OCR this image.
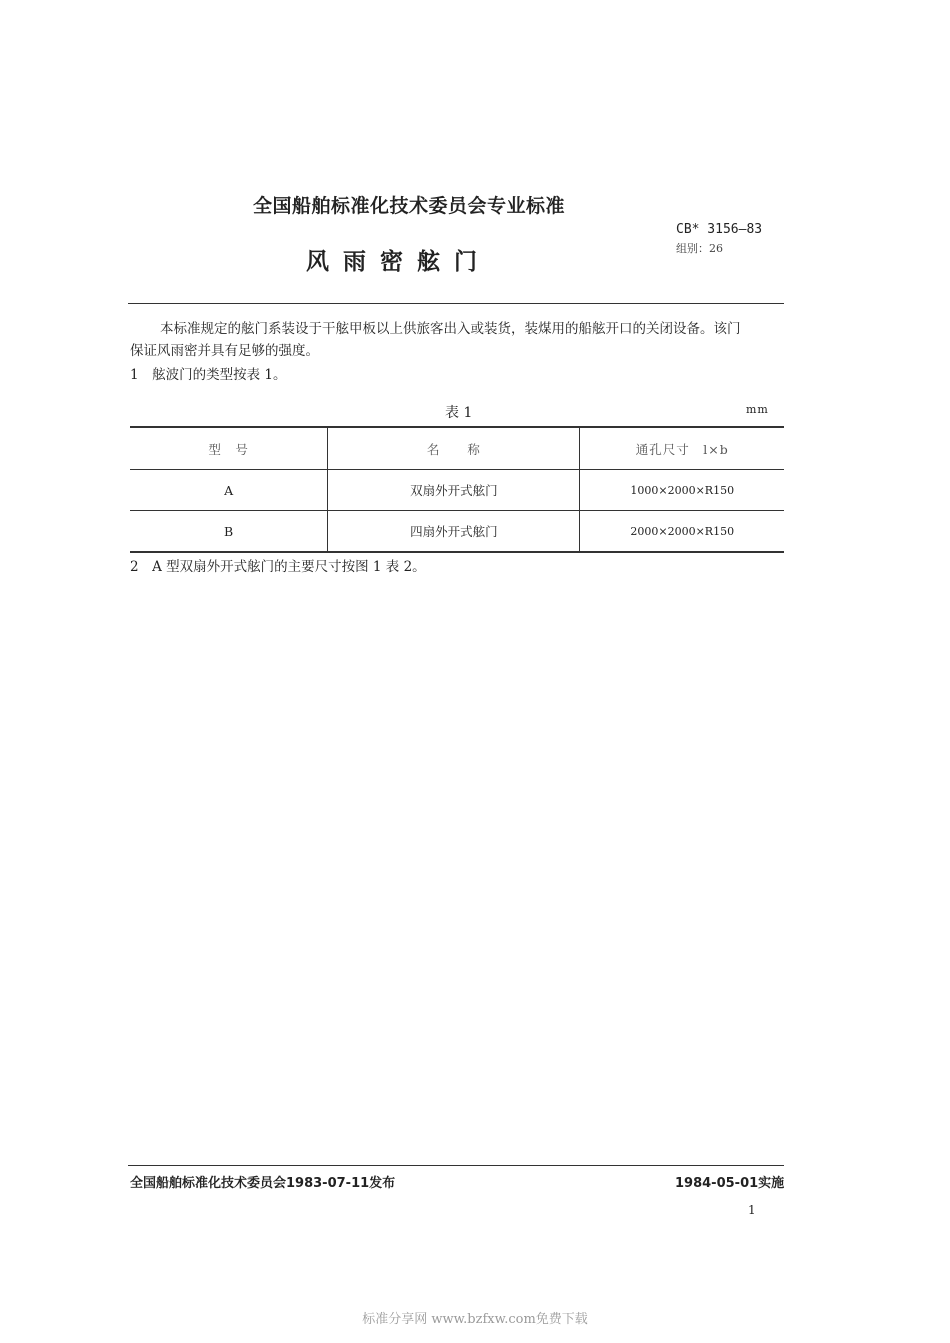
全国船舶标准化技术委员会专业标准
风雨密舷门
CB* 3156—83
组别：26
本标准规定的舷门系装设于干舷甲板以上供旅客出入或装货，装煤用的船舷开口的关闭设备。该门
保证风雨密并具有足够的强度。
1　舷波门的类型按表 1。
表 1	mm
型　号	名　　称	通孔尺寸　l×b
A	双扇外开式舷门	1000×2000×R150
B	四扇外开式舷门	2000×2000×R150
2　A 型双扇外开式舷门的主要尺寸按图 1 表 2。
全国船舶标准化技术委员会1983-07-11发布	1984-05-01实施
1
标准分享网 www.bzfxw.com免费下载
